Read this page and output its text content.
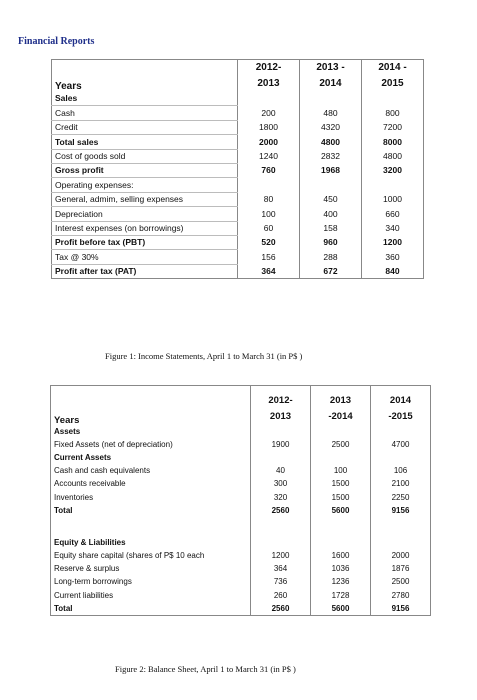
Financial Reports
	2012-	2013 -	2014 -
Years	2013	2014	2015
Sales			
Cash	200	480	800
Credit	1800	4320	7200
Total sales	2000	4800	8000
Cost of goods sold	1240	2832	4800
Gross profit	760	1968	3200
Operating expenses:			
General, admim, selling expenses	80	450	1000
Depreciation	100	400	660
Interest expenses (on borrowings)	60	158	340
Profit before tax (PBT)	520	960	1200
Tax @ 30%	156	288	360
Profit after tax (PAT)	364	672	840

Figure 1: Income Statements, April 1 to March 31 (in P$ )

	2012-	2013	2014
Years	2013	-2014	-2015
Assets			
Fixed Assets (net of depreciation)	1900	2500	4700
Current Assets			
Cash and cash equivalents	40	100	106
Accounts receivable	300	1500	2100
Inventories	320	1500	2250
Total	2560	5600	9156

Equity & Liabilities			
Equity share capital (shares of P$ 10 each	1200	1600	2000
Reserve & surplus	364	1036	1876
Long-term borrowings	736	1236	2500
Current liabilities	260	1728	2780
Total	2560	5600	9156

Figure 2: Balance Sheet, April 1 to March 31 (in P$ )
